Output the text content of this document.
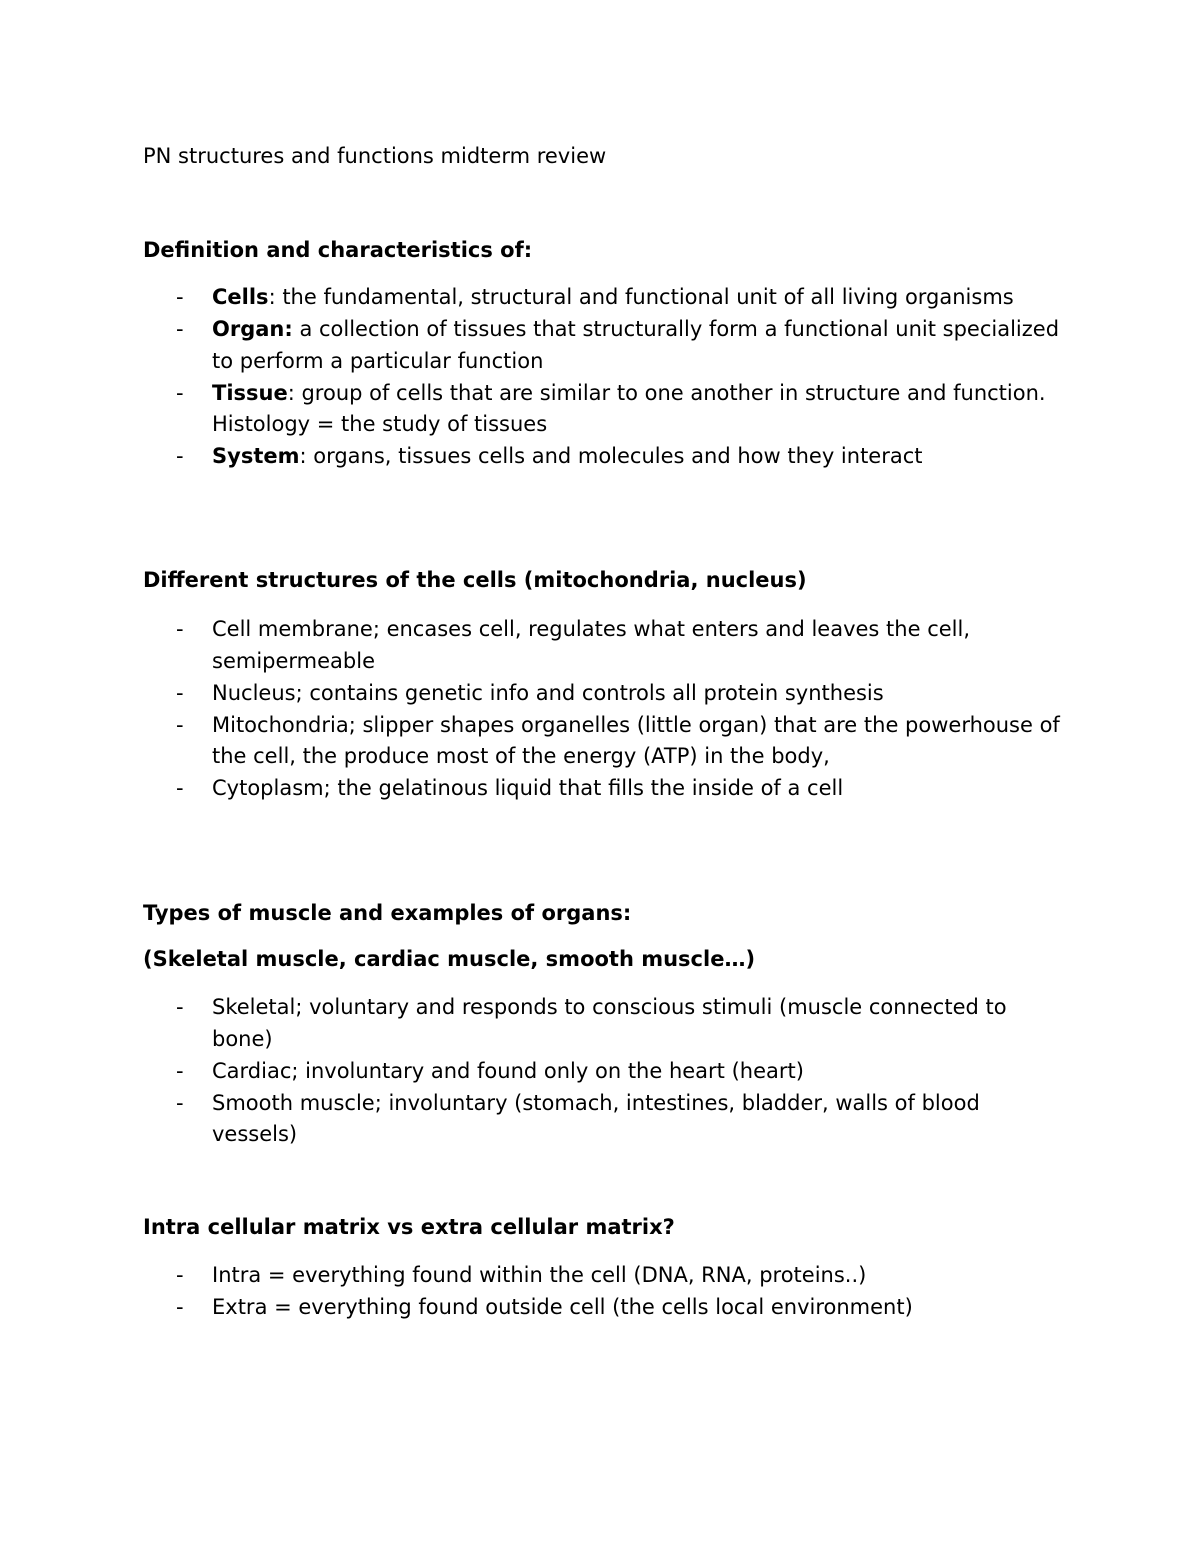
PN structures and functions midterm review
Definition and characteristics of:
- Cells: the fundamental, structural and functional unit of all living organisms
- Organ: a collection of tissues that structurally form a functional unit specialized to perform a particular function
- Tissue: group of cells that are similar to one another in structure and function. Histology = the study of tissues
- System: organs, tissues cells and molecules and how they interact
Different structures of the cells (mitochondria, nucleus)
- Cell membrane; encases cell, regulates what enters and leaves the cell, semipermeable
- Nucleus; contains genetic info and controls all protein synthesis
- Mitochondria; slipper shapes organelles (little organ) that are the powerhouse of the cell, the produce most of the energy (ATP) in the body,
- Cytoplasm; the gelatinous liquid that fills the inside of a cell
Types of muscle and examples of organs:
(Skeletal muscle, cardiac muscle, smooth muscle…)
- Skeletal; voluntary and responds to conscious stimuli (muscle connected to bone)
- Cardiac; involuntary and found only on the heart (heart)
- Smooth muscle; involuntary (stomach, intestines, bladder, walls of blood vessels)
Intra cellular matrix vs extra cellular matrix?
- Intra = everything found within the cell (DNA, RNA, proteins..)
- Extra = everything found outside cell (the cells local environment)
